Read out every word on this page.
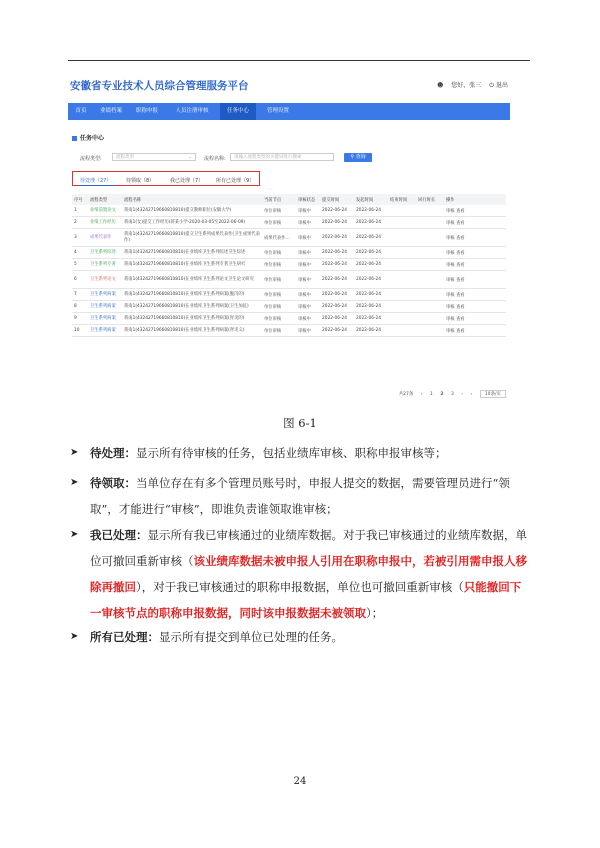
安徽省专业技术人员综合管理服务平台	☻ 您好，张三 ⏻ 退出
首页	业绩档案	职称申报	人员注册审核	任务中心	管理设置
任务中心
流程类型:	流程类型	⌄ 流程名称:	请输入流程类型的关键词进行搜索	⚲ 查询
待处理（27）	待领取（8）	我已处理（7）	所有已处理（9）
序号	流程类型	流程名称	当前节点	审核状态	提交时间	发起时间	结束时间	回行时长	操作
1	业绩前置论文	蒋南1(43242719660810810)提交教师职位(安徽大学)	单位审核	审核中	2022-06-24	2022-06-24			审核 查看
2	业绩工作经历	蒋南1(女)提交工作经历(蒋某小学-2020-03-05至2022-06-09)	单位审核	审核中	2022-06-24	2022-06-24			审核 查看
3	成果代表作	蒋南1(43242719660810810)提交卫生系列成果代表作(卫生成果代表作)	成果代表作...	审核中	2022-06-24	2022-06-24			审核 查看
4	卫生系列综述	蒋南1(43242719660810810)在业绩库卫生系列综述卫生综述	单位审核	审核中	2022-06-24	2022-06-24			审核 查看
5	卫生系列专著	蒋南1(43242719660810810)在业绩库卫生系列专著卫生研究	单位审核	审核中	2022-06-24	2022-06-24			审核 查看
6	卫生系列论文	蒋南1(43242719660810810)在业绩库卫生系列论文卫生论文研究	单位审核	审核中	2022-06-24	2022-06-24			审核 查看
7	卫生系列病案	蒋南1(43242719660810810)在业绩库卫生系列病案(腹泻的)	单位审核	审核中	2022-06-24	2022-06-24			审核 查看
8	卫生系列病案	蒋南1(43242719660810810)在业绩库卫生系列病案(卫生加征)	单位审核	审核中	2022-06-24	2022-06-24			审核 查看
9	卫生系列病案	蒋南1(43242719660810810)在业绩库卫生系列病案(胃炎的)	单位审核	审核中	2022-06-24	2022-06-24			审核 查看
10	卫生系列病案	蒋南1(43242719660810810)在业绩库卫生系列病案(肾炎义)	单位审核	审核中	2022-06-24	2022-06-24			审核 查看
共27条 ‹ 1 2 3 › ›	10条/页
图 6-1
➤ 待处理：显示所有待审核的任务，包括业绩库审核、职称申报审核等；
➤ 待领取：当单位存在有多个管理员账号时，申报人提交的数据，需要管理员进行“领取”，才能进行“审核”，即谁负责谁领取谁审核；
➤ 我已处理：显示所有我已审核通过的业绩库数据。对于我已审核通过的业绩库数据，单位可撤回重新审核（该业绩库数据未被申报人引用在职称申报中，若被引用需申报人移除再撤回），对于我已审核通过的职称申报数据，单位也可撤回重新审核（只能撤回下一审核节点的职称申报数据，同时该申报数据未被领取）；
➤ 所有已处理：显示所有提交到单位已处理的任务。
24
